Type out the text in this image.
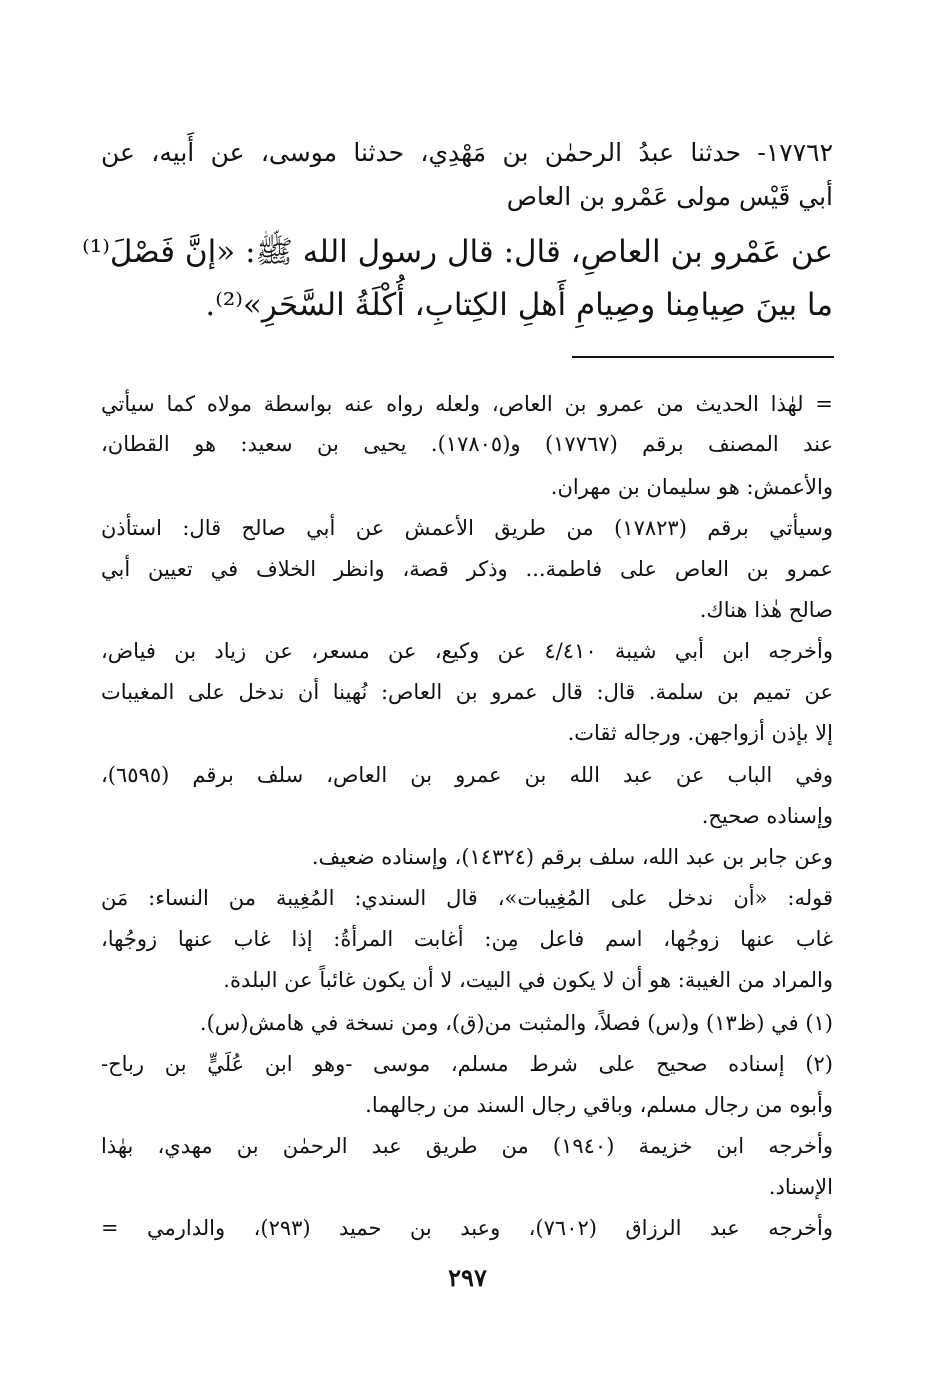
١٧٧٦٢- حدثنا عبدُ الرحمٰن بن مَهْدِي، حدثنا موسى، عن أَبيه، عن
أبي قَيْس مولى عَمْرو بن العاص
عن عَمْرو بن العاصِ، قال: قال رسول الله ﷺ: «إنَّ فَصْلَ⁽¹⁾
ما بينَ صِيامِنا وصِيامِ أَهلِ الكِتابِ، أُكْلَةُ السَّحَرِ»⁽²⁾.
= لهٰذا الحديث من عمرو بن العاص، ولعله رواه عنه بواسطة مولاه كما سيأتي
عند المصنف برقم (١٧٧٦٧) و(١٧٨٠٥). يحيى بن سعيد: هو القطان،
والأعمش: هو سليمان بن مهران.
وسيأتي برقم (١٧٨٢٣) من طريق الأعمش عن أبي صالح قال: استأذن
عمرو بن العاص على فاطمة... وذكر قصة، وانظر الخلاف في تعيين أبي
صالح هٰذا هناك.
وأخرجه ابن أبي شيبة ٤/٤١٠ عن وكيع، عن مسعر، عن زياد بن فياض،
عن تميم بن سلمة. قال: قال عمرو بن العاص: نُهينا أن ندخل على المغيبات
إلا بإذن أزواجهن. ورجاله ثقات.
وفي الباب عن عبد الله بن عمرو بن العاص، سلف برقم (٦٥٩٥)،
وإسناده صحيح.
وعن جابر بن عبد الله، سلف برقم (١٤٣٢٤)، وإسناده ضعيف.
قوله: «أن ندخل على المُغِيبات»، قال السندي: المُغِيبة من النساء: مَن
غاب عنها زوجُها، اسم فاعل مِن: أغابت المرأةُ: إذا غاب عنها زوجُها،
والمراد من الغيبة: هو أن لا يكون في البيت، لا أن يكون غائباً عن البلدة.
(١) في (ظ١٣) و(س) فصلاً، والمثبت من(ق)، ومن نسخة في هامش(س).
(٢) إسناده صحيح على شرط مسلم، موسى -وهو ابن عُلَيٍّ بن رباح-
وأبوه من رجال مسلم، وباقي رجال السند من رجالهما.
وأخرجه ابن خزيمة (١٩٤٠) من طريق عبد الرحمٰن بن مهدي، بهٰذا
الإسناد.
وأخرجه عبد الرزاق (٧٦٠٢)، وعبد بن حميد (٢٩٣)، والدارمي =
٢٩٧
